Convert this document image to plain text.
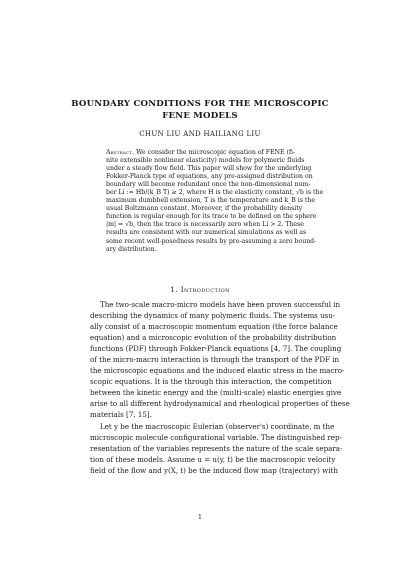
BOUNDARY CONDITIONS FOR THE MICROSCOPIC
FENE MODELS
CHUN LIU AND HAILIANG LIU
Abstract. We consider the microscopic equation of FENE (fi-
nite extensible nonlinear elasticity) models for polymeric fluids
under a steady flow field. This paper will show for the underlying
Fokker-Planck type of equations, any pre-assigned distribution on
boundary will become redundant once the non-dimensional num-
ber Li := Hb/(k_B T) ≥ 2, where H is the elasticity constant, √b is the
maximum dumbbell extension, T is the temperature and k_B is the
usual Boltzmann constant. Moreover, if the probability density
function is regular enough for its trace to be defined on the sphere
|m| = √b, then the trace is necessarily zero when Li > 2. These
results are consistent with our numerical simulations as well as
some recent well-posedness results by pre-assuming a zero bound-
ary distribution.
1. Introduction
The two-scale macro-micro models have been proven successful in
describing the dynamics of many polymeric fluids. The systems usu-
ally consist of a macroscopic momentum equation (the force balance
equation) and a microscopic evolution of the probability distribution
functions (PDF) through Fokker-Planck equations [4, 7]. The coupling
of the micro-macro interaction is through the transport of the PDF in
the microscopic equations and the induced elastic stress in the macro-
scopic equations. It is the through this interaction, the competition
between the kinetic energy and the (multi-scale) elastic energies give
arise to all different hydrodynamical and rheological properties of these
materials [7, 15].
Let y be the macroscopic Eulerian (observer's) coordinate, m the
microscopic molecule configurational variable. The distinguished rep-
resentation of the variables represents the nature of the scale separa-
tion of these models. Assume u = u(y, t) be the macroscopic velocity
field of the flow and y(X, t) be the induced flow map (trajectory) with
1
